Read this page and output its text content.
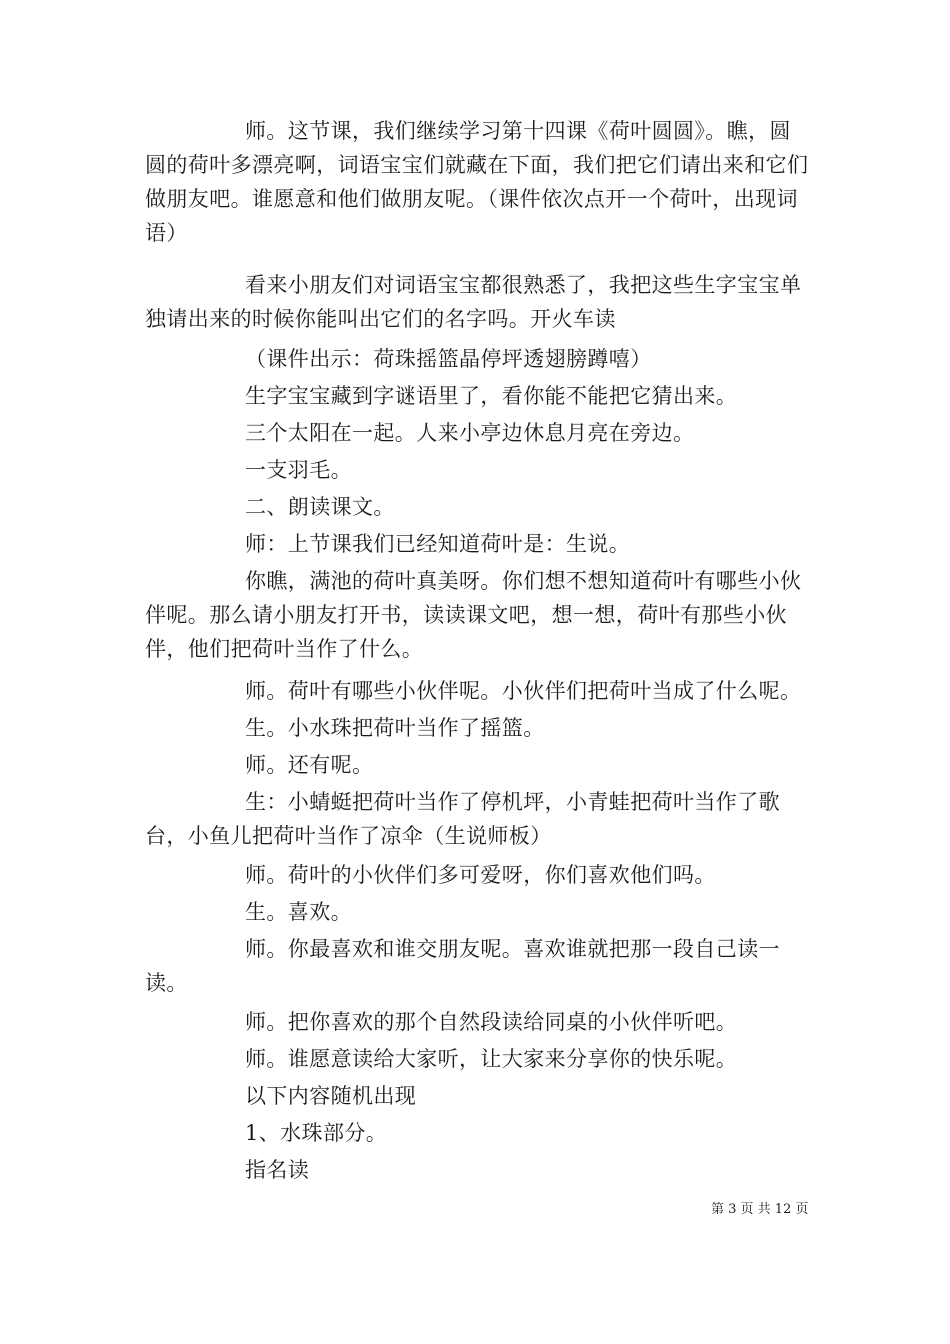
师。这节课，我们继续学习第十四课《荷叶圆圆》。瞧，圆圆的荷叶多漂亮啊，词语宝宝们就藏在下面，我们把它们请出来和它们做朋友吧。谁愿意和他们做朋友呢。（课件依次点开一个荷叶，出现词语）

看来小朋友们对词语宝宝都很熟悉了，我把这些生字宝宝单独请出来的时候你能叫出它们的名字吗。开火车读

（课件出示：荷珠摇篮晶停坪透翅膀蹲嘻）

生字宝宝藏到字谜语里了，看你能不能把它猜出来。

三个太阳在一起。人来小亭边休息月亮在旁边。

一支羽毛。

二、朗读课文。

师：上节课我们已经知道荷叶是：生说。

你瞧，满池的荷叶真美呀。你们想不想知道荷叶有哪些小伙伴呢。那么请小朋友打开书，读读课文吧，想一想，荷叶有那些小伙伴，他们把荷叶当作了什么。

师。荷叶有哪些小伙伴呢。小伙伴们把荷叶当成了什么呢。

生。小水珠把荷叶当作了摇篮。

师。还有呢。

生：小蜻蜓把荷叶当作了停机坪，小青蛙把荷叶当作了歌台，小鱼儿把荷叶当作了凉伞（生说师板）

师。荷叶的小伙伴们多可爱呀，你们喜欢他们吗。

生。喜欢。

师。你最喜欢和谁交朋友呢。喜欢谁就把那一段自己读一读。

师。把你喜欢的那个自然段读给同桌的小伙伴听吧。

师。谁愿意读给大家听，让大家来分享你的快乐呢。

以下内容随机出现

1、水珠部分。

指名读

第 3 页 共 12 页
